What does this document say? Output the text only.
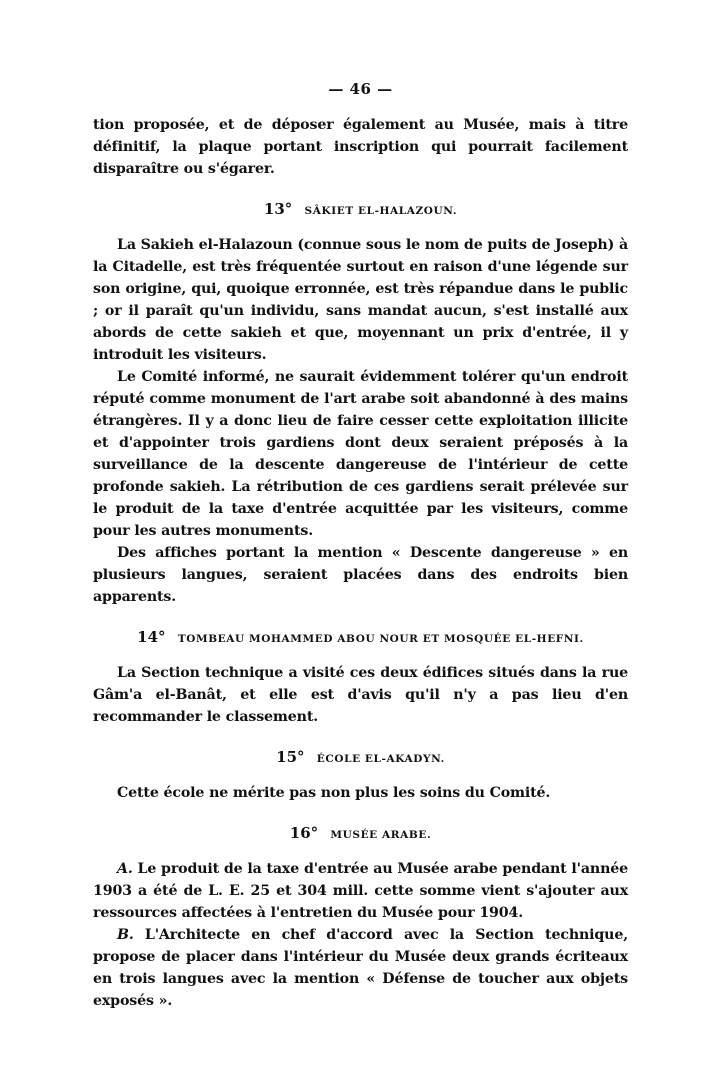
— 46 —

tion proposée, et de déposer également au Musée, mais à titre définitif, la plaque portant inscription qui pourrait facilement disparaître ou s'égarer.

13° SÂKIET EL-HALAZOUN.

La Sakieh el-Halazoun (connue sous le nom de puits de Joseph) à la Citadelle, est très fréquentée surtout en raison d'une légende sur son origine, qui, quoique erronnée, est très répandue dans le public ; or il paraît qu'un individu, sans mandat aucun, s'est installé aux abords de cette sakieh et que, moyennant un prix d'entrée, il y introduit les visiteurs.

Le Comité informé, ne saurait évidemment tolérer qu'un endroit réputé comme monument de l'art arabe soit abandonné à des mains étrangères. Il y a donc lieu de faire cesser cette exploitation illicite et d'appointer trois gardiens dont deux seraient préposés à la surveillance de la descente dangereuse de l'intérieur de cette profonde sakieh. La rétribution de ces gardiens serait prélevée sur le produit de la taxe d'entrée acquittée par les visiteurs, comme pour les autres monuments.

Des affiches portant la mention « Descente dangereuse » en plusieurs langues, seraient placées dans des endroits bien apparents.

14° TOMBEAU MOHAMMED ABOU NOUR ET MOSQUÉE EL-HEFNI.

La Section technique a visité ces deux édifices situés dans la rue Gâm'a el-Banât, et elle est d'avis qu'il n'y a pas lieu d'en recommander le classement.

15° ÉCOLE EL-AKADYN.

Cette école ne mérite pas non plus les soins du Comité.

16° MUSÉE ARABE.

A. Le produit de la taxe d'entrée au Musée arabe pendant l'année 1903 a été de L. E. 25 et 304 mill. cette somme vient s'ajouter aux ressources affectées à l'entretien du Musée pour 1904.

B. L'Architecte en chef d'accord avec la Section technique, propose de placer dans l'intérieur du Musée deux grands écriteaux en trois langues avec la mention « Défense de toucher aux objets exposés ».
